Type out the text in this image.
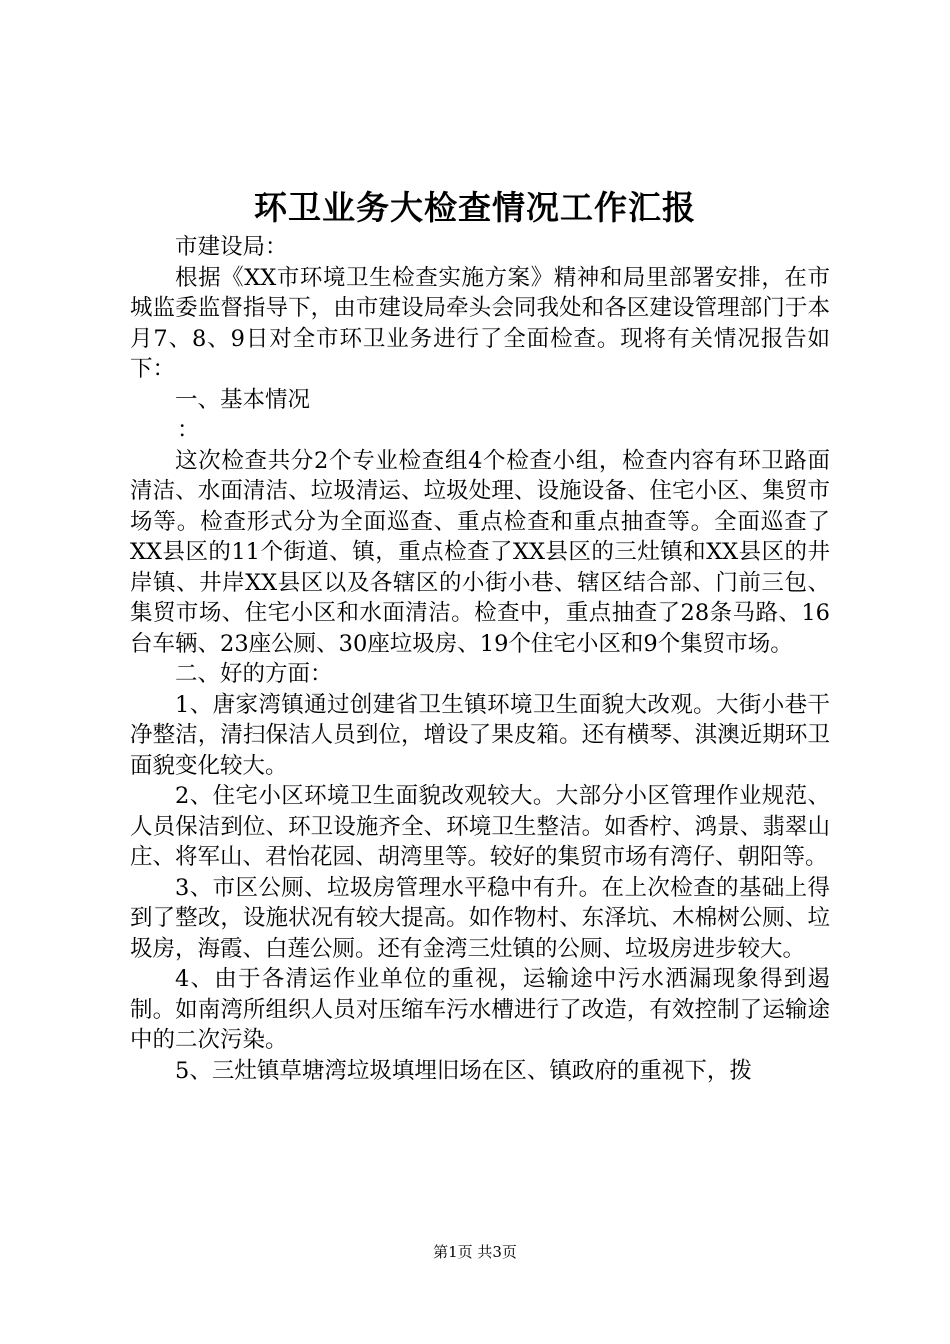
环卫业务大检查情况工作汇报

市建设局：

根据《XX市环境卫生检查实施方案》精神和局里部署安排，在市城监委监督指导下，由市建设局牵头会同我处和各区建设管理部门于本月7、8、9日对全市环卫业务进行了全面检查。现将有关情况报告如下：

一、基本情况

：

这次检查共分2个专业检查组4个检查小组，检查内容有环卫路面清洁、水面清洁、垃圾清运、垃圾处理、设施设备、住宅小区、集贸市场等。检查形式分为全面巡查、重点检查和重点抽查等。全面巡查了XX县区的11个街道、镇，重点检查了XX县区的三灶镇和XX县区的井岸镇、井岸XX县区以及各辖区的小街小巷、辖区结合部、门前三包、集贸市场、住宅小区和水面清洁。检查中，重点抽查了28条马路、16台车辆、23座公厕、30座垃圾房、19个住宅小区和9个集贸市场。

二、好的方面：

1、唐家湾镇通过创建省卫生镇环境卫生面貌大改观。大街小巷干净整洁，清扫保洁人员到位，增设了果皮箱。还有横琴、淇澳近期环卫面貌变化较大。

2、住宅小区环境卫生面貌改观较大。大部分小区管理作业规范、人员保洁到位、环卫设施齐全、环境卫生整洁。如香柠、鸿景、翡翠山庄、将军山、君怡花园、胡湾里等。较好的集贸市场有湾仔、朝阳等。

3、市区公厕、垃圾房管理水平稳中有升。在上次检查的基础上得到了整改，设施状况有较大提高。如作物村、东泽坑、木棉树公厕、垃圾房，海霞、白莲公厕。还有金湾三灶镇的公厕、垃圾房进步较大。

4、由于各清运作业单位的重视，运输途中污水洒漏现象得到遏制。如南湾所组织人员对压缩车污水槽进行了改造，有效控制了运输途中的二次污染。

5、三灶镇草塘湾垃圾填埋旧场在区、镇政府的重视下，拨

第1页 共3页
